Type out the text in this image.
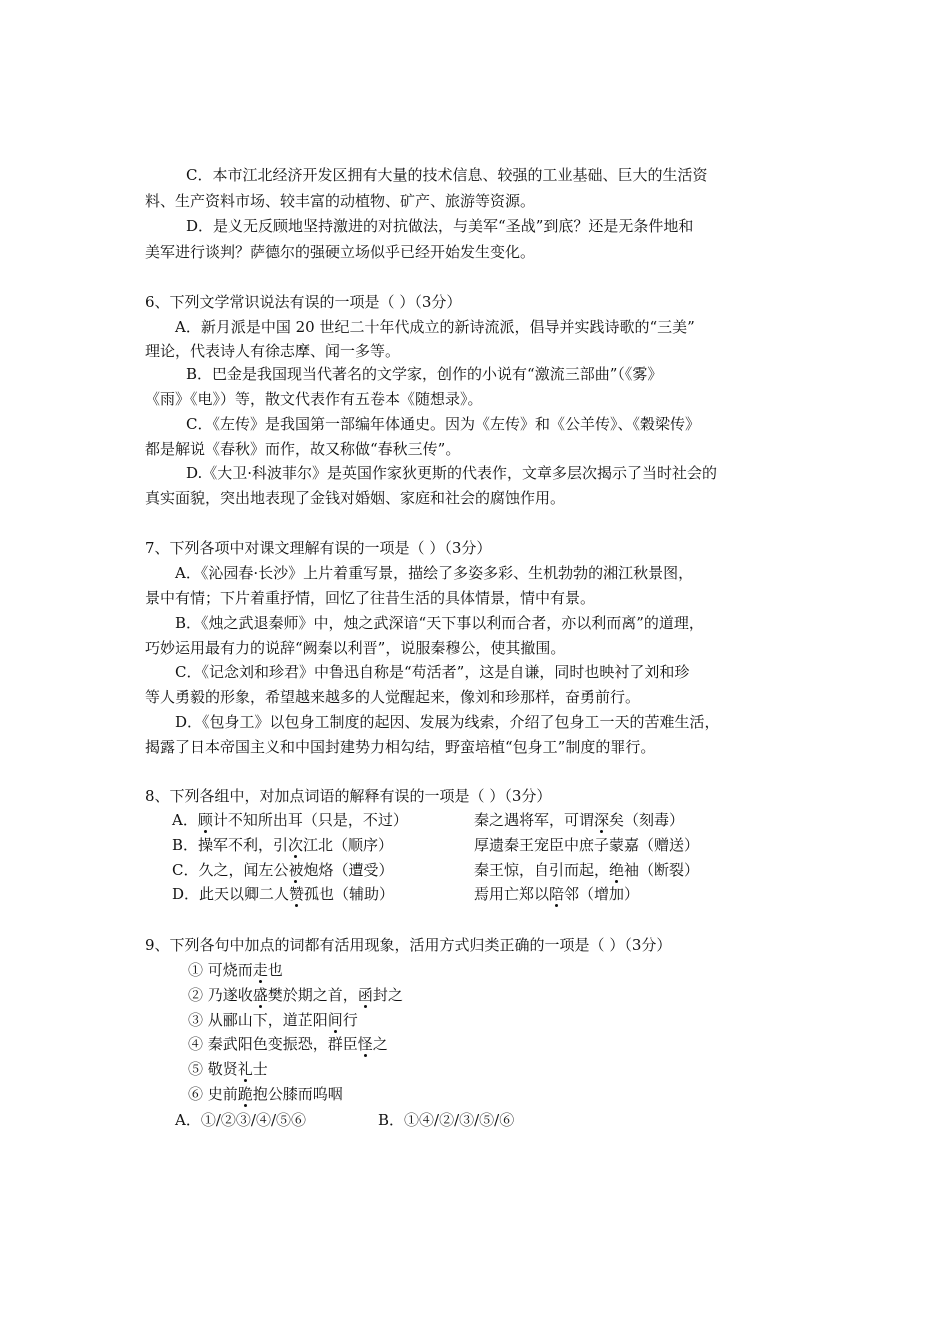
C．本市江北经济开发区拥有大量的技术信息、较强的工业基础、巨大的生活资
料、生产资料市场、较丰富的动植物、矿产、旅游等资源。
D．是义无反顾地坚持激进的对抗做法，与美军“圣战”到底？还是无条件地和
美军进行谈判？萨德尔的强硬立场似乎已经开始发生变化。
6、下列文学常识说法有误的一项是（ ）（3分）
A．新月派是中国 20 世纪二十年代成立的新诗流派，倡导并实践诗歌的“三美”
理论，代表诗人有徐志摩、闻一多等。
B．巴金是我国现当代著名的文学家，创作的小说有“激流三部曲”（《雾》
《雨》《电》）等，散文代表作有五卷本《随想录》。
C．《左传》是我国第一部编年体通史。因为《左传》和《公羊传》、《穀梁传》
都是解说《春秋》而作，故又称做“春秋三传”。
D.《大卫·科波菲尔》是英国作家狄更斯的代表作，文章多层次揭示了当时社会的
真实面貌，突出地表现了金钱对婚姻、家庭和社会的腐蚀作用。
7、下列各项中对课文理解有误的一项是（ ）（3分）
A．《沁园春·长沙》上片着重写景，描绘了多姿多彩、生机勃勃的湘江秋景图，
景中有情；下片着重抒情，回忆了往昔生活的具体情景，情中有景。
B．《烛之武退秦师》中，烛之武深谙“天下事以利而合者，亦以利而离”的道理，
巧妙运用最有力的说辞“阙秦以利晋”，说服秦穆公，使其撤围。
C．《记念刘和珍君》中鲁迅自称是“苟活者”，这是自谦，同时也映衬了刘和珍
等人勇毅的形象，希望越来越多的人觉醒起来，像刘和珍那样，奋勇前行。
D．《包身工》以包身工制度的起因、发展为线索，介绍了包身工一天的苦难生活，
揭露了日本帝国主义和中国封建势力相勾结，野蛮培植“包身工”制度的罪行。
8、下列各组中，对加点词语的解释有误的一项是（ ）（3分）
A．顾计不知所出耳（只是，不过）	秦之遇将军，可谓深矣（刻毒）
B．操军不利，引次江北（顺序）	厚遗秦王宠臣中庶子蒙嘉（赠送）
C．久之，闻左公被炮烙（遭受）	秦王惊，自引而起，绝袖（断裂）
D．此天以卿二人赞孤也（辅助）	焉用亡郑以陪邻（增加）
9、下列各句中加点的词都有活用现象，活用方式归类正确的一项是（ ）（3分）
① 可烧而走也
② 乃遂收盛樊於期之首，函封之
③ 从郦山下，道芷阳间行
④ 秦武阳色变振恐，群臣怪之
⑤ 敬贤礼士
⑥ 史前跪抱公膝而呜咽
A．①/②③/④/⑤⑥	B．①④/②/③/⑤/⑥
